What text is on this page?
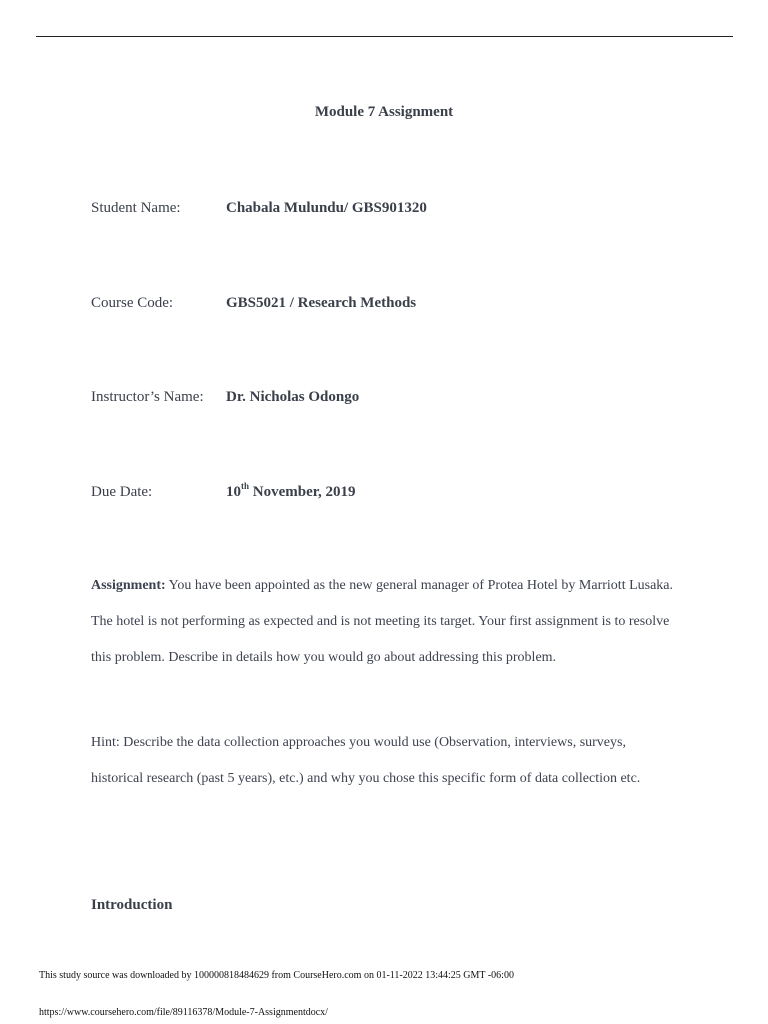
Module 7 Assignment
Student Name:	Chabala Mulundu/ GBS901320
Course Code:	GBS5021 / Research Methods
Instructor’s Name: Dr. Nicholas Odongo
Due Date:	10th November, 2019

Assignment: You have been appointed as the new general manager of Protea Hotel by Marriott Lusaka. The hotel is not performing as expected and is not meeting its target. Your first assignment is to resolve this problem. Describe in details how you would go about addressing this problem.

Hint: Describe the data collection approaches you would use (Observation, interviews, surveys, historical research (past 5 years), etc.) and why you chose this specific form of data collection etc.

Introduction
This study source was downloaded by 100000818484629 from CourseHero.com on 01-11-2022 13:44:25 GMT -06:00
https://www.coursehero.com/file/89116378/Module-7-Assignmentdocx/
